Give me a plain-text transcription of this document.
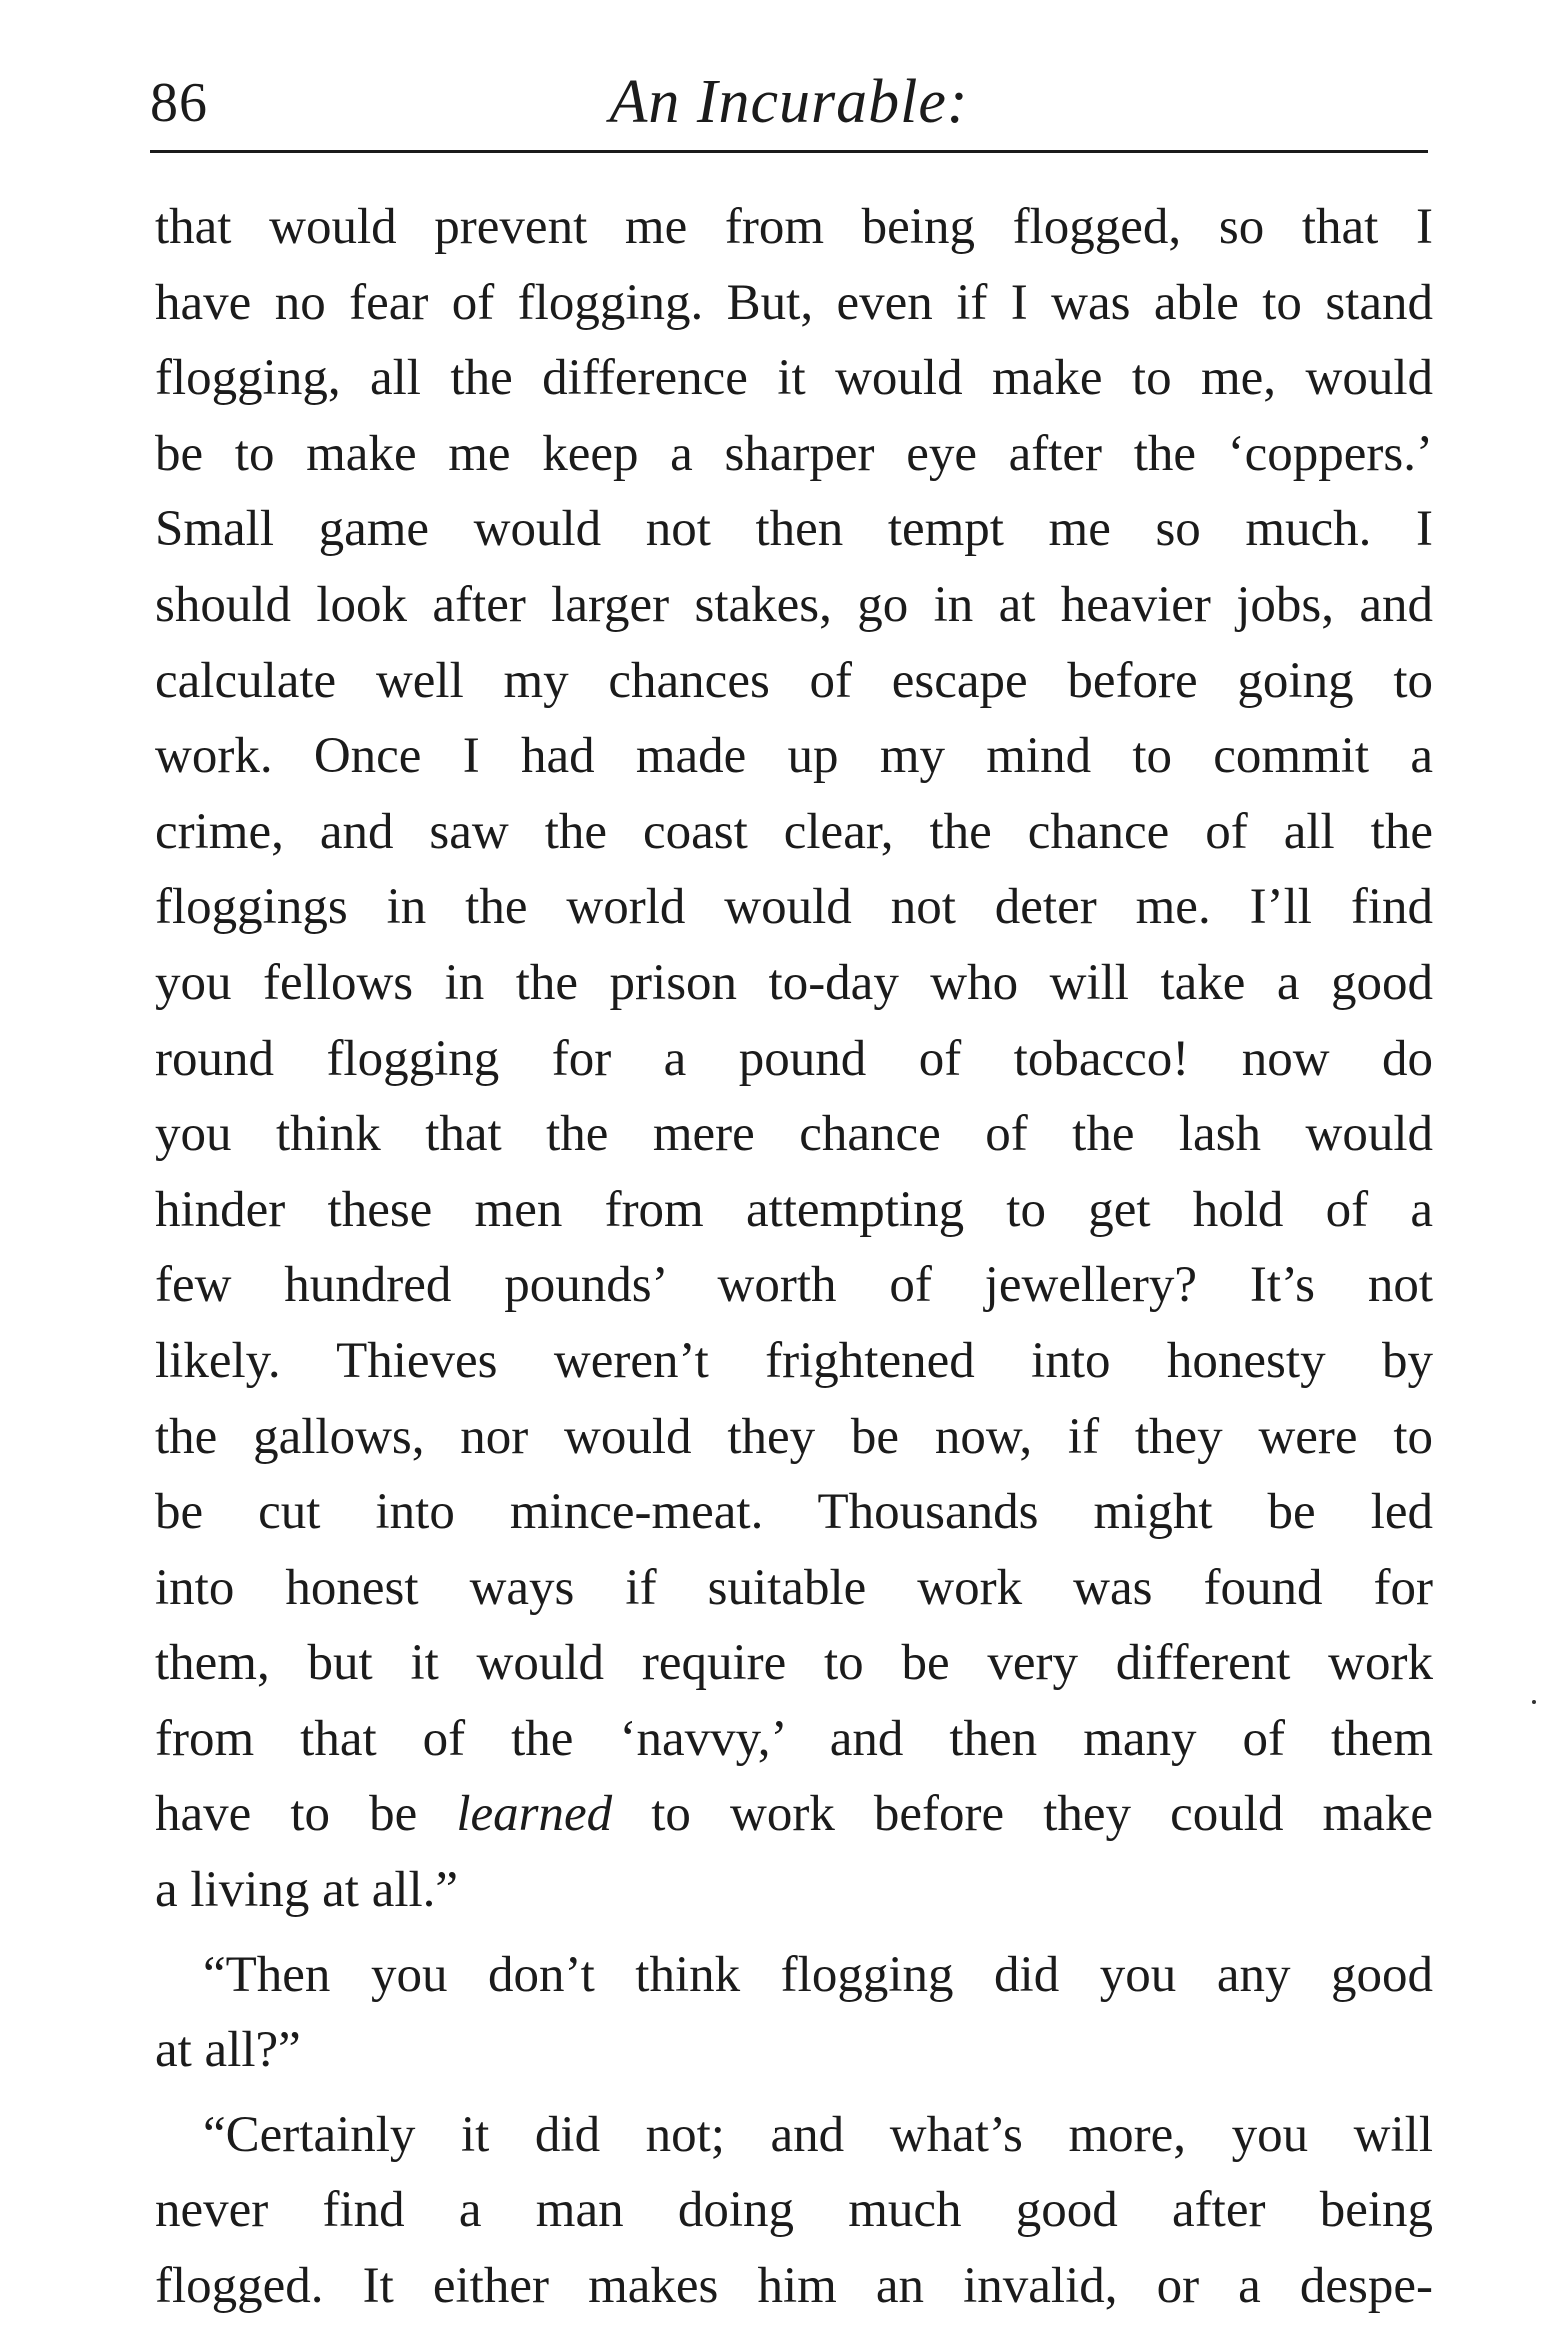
86	An Incurable:
that would prevent me from being flogged, so that I
have no fear of flogging. But, even if I was able to stand
flogging, all the difference it would make to me, would
be to make me keep a sharper eye after the ‘coppers.’
Small game would not then tempt me so much. I
should look after larger stakes, go in at heavier jobs, and
calculate well my chances of escape before going to
work. Once I had made up my mind to commit a
crime, and saw the coast clear, the chance of all the
floggings in the world would not deter me. I’ll find
you fellows in the prison to-day who will take a good
round flogging for a pound of tobacco! now do
you think that the mere chance of the lash would
hinder these men from attempting to get hold of a
few hundred pounds’ worth of jewellery? It’s not
likely. Thieves weren’t frightened into honesty by
the gallows, nor would they be now, if they were to
be cut into mince-meat. Thousands might be led
into honest ways if suitable work was found for
them, but it would require to be very different work
from that of the ‘navvy,’ and then many of them
have to be learned to work before they could make
a living at all.”
“Then you don’t think flogging did you any good
at all?”
“Certainly it did not; and what’s more, you will
never find a man doing much good after being
flogged. It either makes him an invalid, or a despe-
